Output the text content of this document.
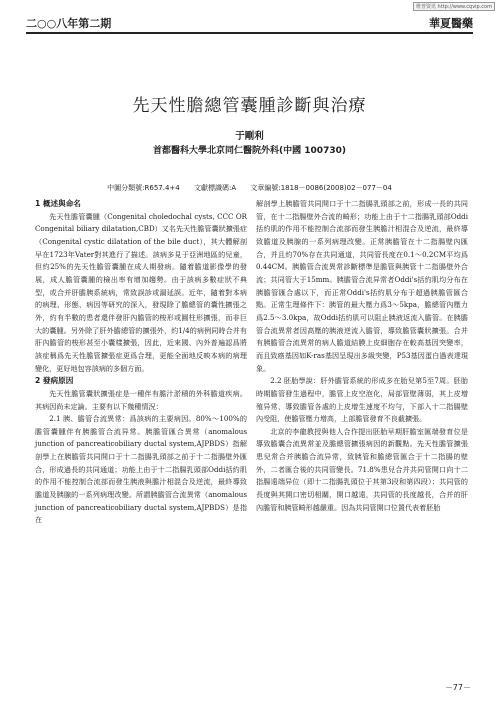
维普资讯 http://www.cqvip.com
二○○八年第二期	華夏醫藥
先天性膽總管囊腫診斷與治療
于剛利
首都醫科大學北京同仁醫院外科(中國 100730)
中圖分類號:R657.4+4 文獻標識碼:A 文章編號:1818－0086(2008)02－077－04
1 概述與命名

先天性膽管囊腫（Congenital choledochal cysts, CCC OR Congenital biliary dilatation,CBD）又名先天性膽管囊狀擴張症（Congenital cystic dilatation of the bile duct），其大體解剖早在1723年Vater對其進行了描述。該病多見于亞洲地區的兒童，但約25%的先天性膽管囊腫在成人期發病。隨着膽道影像學的發展，成人膽管囊腫的檢出率有增加趨勢。由于該病多數症狀不典型，或合并肝膽胰系統病，常致誤診或漏延誤。近年，隨着對本病的病理、形態、病因等研究的深入，發現除了膽總管的囊性擴張之外，約有半數的患者還伴發肝內膽管的梭形或圓柱形擴張，而非巨大的囊腫。另外除了肝外膽總管的擴張外，約1/4的病例同時合并有肝內膽管的梭形甚至小囊樣擴張，因此，近來國、內外普遍認爲將該症稱爲先天性膽管擴張症更爲合理，更能全面地反映本病的病理變化，更好地包容該病的多個方面。

2 發病原因

先天性膽管囊狀擴張症是一種伴有膽汁淤積的外科膽道疾病。其病因尚未定論。主要有以下幾種情況：

2.1 胰、膽管合流異常：爲該病的主要病因。80%～100%的膽管囊腫伴有胰膽管合流异常。胰膽管匯合異常（anomalous junction of pancreaticobiliary ductal system,AJPBDS）指解剖學上在胰膽管共同開口于十二指腸乳頭部之前于十二指腸壁外匯合，形成過長的共同通道；功能上由于十二指腸乳頭部Oddi括約肌的作用不能控制合流部而發生胰液與膽汁相混合及逆流，最終導致膽道及胰腺的一系列病理改變。所謂胰膽管合流異常（anomalous junction of pancreaticobiliary ductal system,AJPBDS）是指在

解剖學上胰膽管共同開口于十二指腸乳頭部之前，形成一長的共同管，在十二指腸壁外合流的畸形；功能上由于十二指腸乳頭部Oddi括約肌的作用不能控制合流部而發生胰膽汁相混合及逆流，最終導致膽道及胰腺的一系列病理改變。正常胰膽管在十二指腸壁內匯合，并且約70%存在共同通道，共同管長度在0.1～0.2CM平均爲0.44CM。胰膽管合流異常診斷標準是膽管與胰管十二指腸壁外合流；共同管大于15mm。胰膽管合流异常者Oddi's括約肌均分布在胰膽管匯合處以下，而正常Oddi's括約肌分布于超過胰膽管匯合點。正常生理條件下：胰管的最大壓力爲3～5kpa，膽總管內壓力爲2.5～3.0kpa，故Oddi括約肌可以阻止胰液返流入膽管。在胰膽管合流異常者因高壓的胰液逆流入膽管，導致膽管囊狀擴張。合并有胰膽管合流異常的病人膽道結膜上皮細胞存在較高基因突變率，而且致癌基因如K-ras基因呈現出多級突變，P53基因蛋白過表達現象。

2.2 胚胎學說：肝外膽管系統的形成多在胎兒第5至7周。胚胎時期膽管發生過程中，膽管上皮空泡化，局部管壁薄弱，其上皮增殖异常，導致膽管各處的上皮增生速度不均勻，下部入十二指腸壁內受阻，使膽管壓力增高，上部膽管發育不良截擴張。

北京的李龍教授與他人合作提出胚胎早期肝膽室匯端發育位是導致膽囊合流異常並及膽總管擴張病因的新觀點。先天性膽管擴張患兒常合并胰膽合流异常，致胰管和膽總管匯合于十二指腸的壁外，二者匯合後的共同管變長。71.8%患兒合并共同管開口向十二指腸遠端异位（即十二指腸乳頭位于其第3段和第四段）；共同管的長度與其開口密切相關，開口越遠，共同管的長度越長，合并的肝內膽管和胰管畸形越嚴重。因為共同管開口位置代表着胚胎

－77－
